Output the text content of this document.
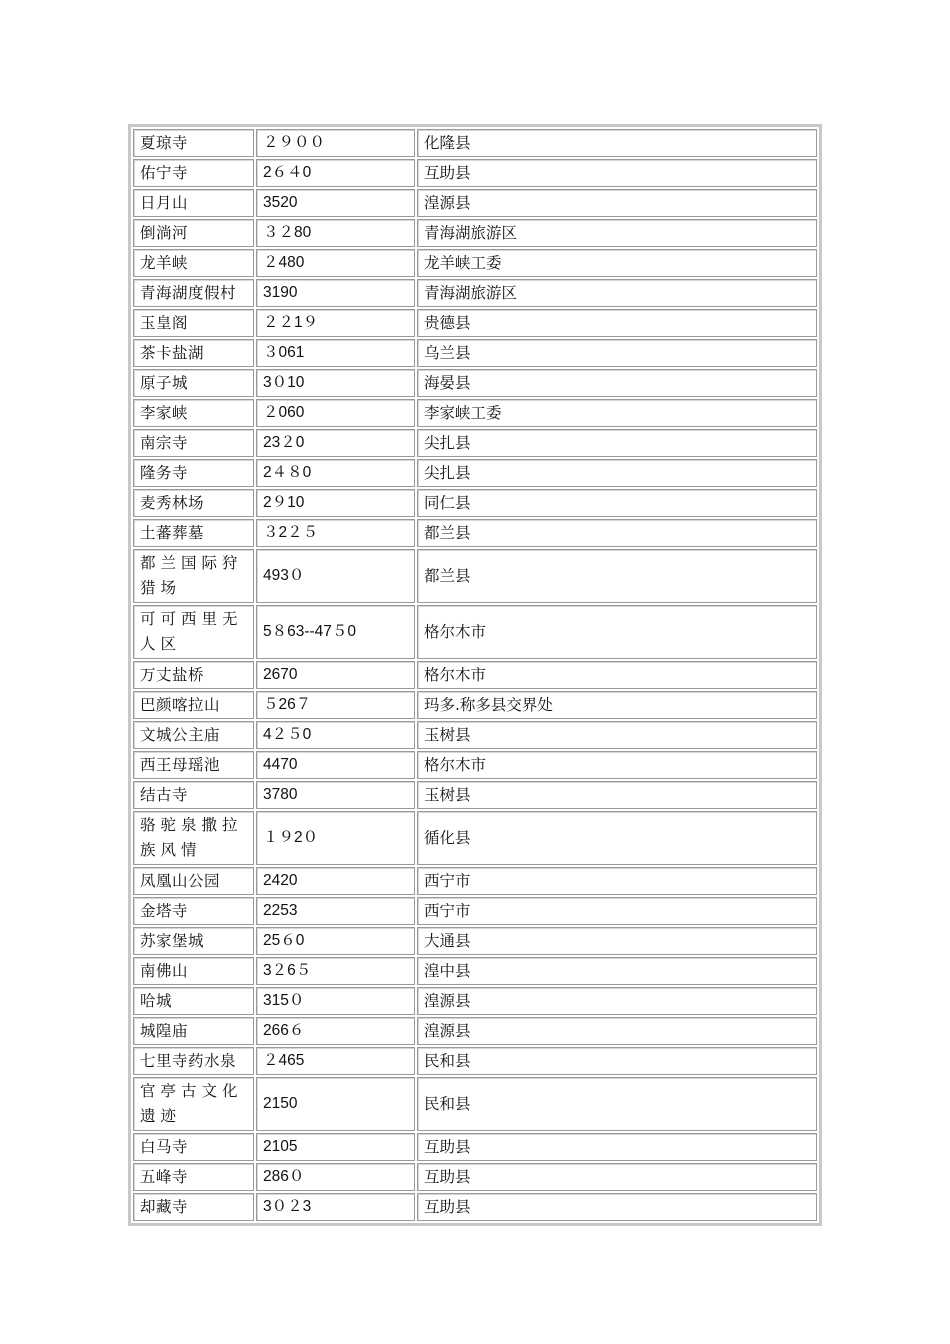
夏琼寺	２９００	化隆县
佑宁寺	2６４0	互助县
日月山	3520	湟源县
倒淌河	３２80	青海湖旅游区
龙羊峡	２480	龙羊峡工委
青海湖度假村	3190	青海湖旅游区
玉皇阁	２２1９	贵德县
茶卡盐湖	３061	乌兰县
原子城	3０10	海晏县
李家峡	２060	李家峡工委
南宗寺	23２0	尖扎县
隆务寺	2４８0	尖扎县
麦秀林场	2９10	同仁县
土蕃葬墓	３2２５	都兰县
都兰国际狩猎场	493０	都兰县
可可西里无人区	5８63--47５0	格尔木市
万丈盐桥	2670	格尔木市
巴颜喀拉山	５26７	玛多.称多县交界处
文城公主庙	4２５0	玉树县
西王母瑶池	4470	格尔木市
结古寺	3780	玉树县
骆驼泉撒拉族风情	１９2０	循化县
凤凰山公园	2420	西宁市
金塔寺	2253	西宁市
苏家堡城	25６0	大通县
南佛山	3２6５	湟中县
哈城	315０	湟源县
城隍庙	266６	湟源县
七里寺药水泉	２465	民和县
官亭古文化遗迹	2150	民和县
白马寺	2105	互助县
五峰寺	286０	互助县
却藏寺	3０２3	互助县
